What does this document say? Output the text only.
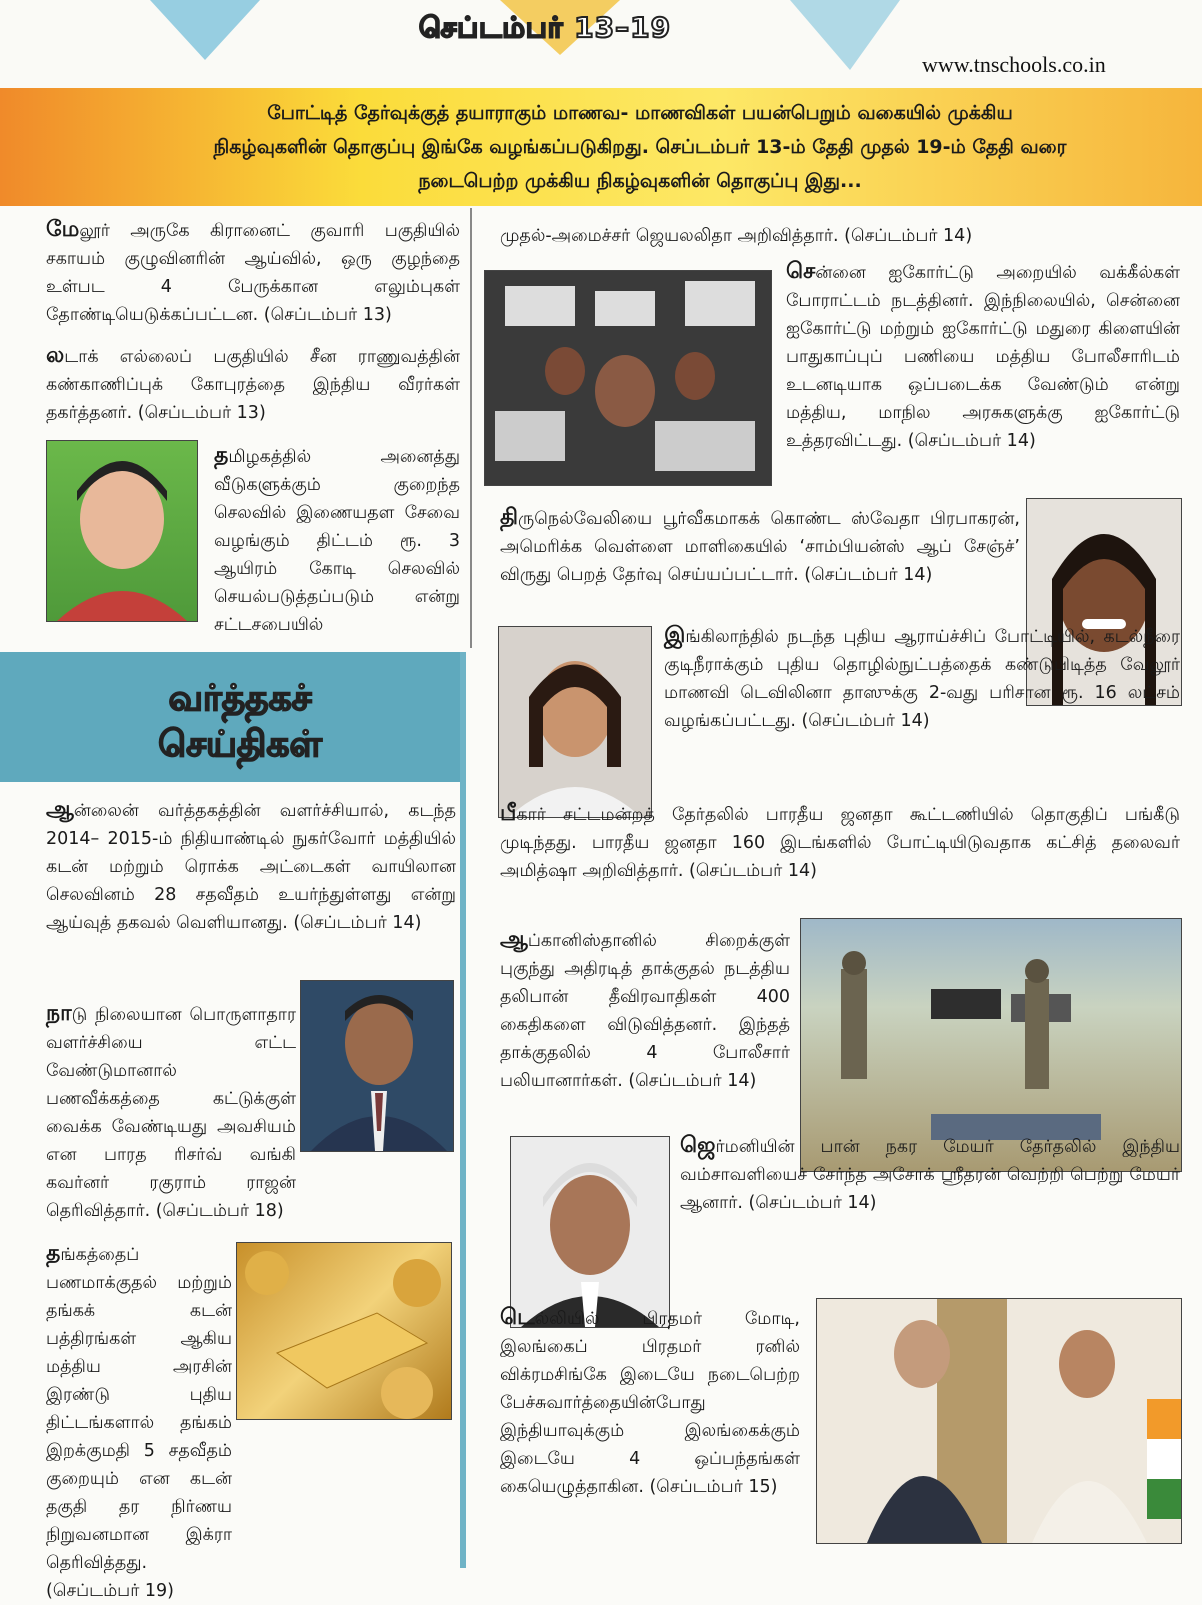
செப்டம்பர் 13–19
www.tnschools.co.in
போட்டித் தேர்வுக்குத் தயாராகும் மாணவ- மாணவிகள் பயன்பெறும் வகையில் முக்கிய
நிகழ்வுகளின் தொகுப்பு இங்கே வழங்கப்படுகிறது. செப்டம்பர் 13-ம் தேதி முதல் 19-ம் தேதி வரை
நடைபெற்ற முக்கிய நிகழ்வுகளின் தொகுப்பு இது...

மேலூர் அருகே கிரானைட் குவாரி பகுதியில் சகாயம் குழுவினரின் ஆய்வில், ஒரு குழந்தை உள்பட 4 பேருக்கான எலும்புகள் தோண்டியெடுக்கப்பட்டன. (செப்டம்பர் 13)

லடாக் எல்லைப் பகுதியில் சீன ராணுவத்தின் கண்காணிப்புக் கோபுரத்தை இந்திய வீரர்கள் தகர்த்தனர். (செப்டம்பர் 13)

தமிழகத்தில் அனைத்து வீடுகளுக்கும் குறைந்த செலவில் இணையதள சேவை வழங்கும் திட்டம் ரூ. 3 ஆயிரம் கோடி செலவில் செயல்படுத்தப்படும் என்று சட்டசபையில்

வர்த்தகச்
செய்திகள்

ஆன்லைன் வர்த்தகத்தின் வளர்ச்சியால், கடந்த 2014– 2015-ம் நிதியாண்டில் நுகர்வோர் மத்தியில் கடன் மற்றும் ரொக்க அட்டைகள் வாயிலான செலவினம் 28 சதவீதம் உயர்ந்துள்ளது என்று ஆய்வுத் தகவல் வெளியானது. (செப்டம்பர் 14)

நாடு நிலையான பொருளாதார வளர்ச்சியை எட்ட வேண்டுமானால் பணவீக்கத்தை கட்டுக்குள் வைக்க வேண்டியது அவசியம் என பாரத ரிசர்வ் வங்கி கவர்னர் ரகுராம் ராஜன் தெரிவித்தார். (செப்டம்பர் 18)

தங்கத்தைப் பணமாக்குதல் மற்றும் தங்கக் கடன் பத்திரங்கள் ஆகிய மத்திய அரசின் இரண்டு புதிய திட்டங்களால் தங்கம் இறக்குமதி 5 சதவீதம் குறையும் என கடன் தகுதி தர நிர்ணய நிறுவனமான இக்ரா தெரிவித்தது. (செப்டம்பர் 19)

முதல்-அமைச்சர் ஜெயலலிதா அறிவித்தார். (செப்டம்பர் 14)

சென்னை ஐகோர்ட்டு அறையில் வக்கீல்கள் போராட்டம் நடத்தினர். இந்நிலையில், சென்னை ஐகோர்ட்டு மற்றும் ஐகோர்ட்டு மதுரை கிளையின் பாதுகாப்புப் பணியை மத்திய போலீசாரிடம் உடனடியாக ஒப்படைக்க வேண்டும் என்று மத்திய, மாநில அரசுகளுக்கு ஐகோர்ட்டு உத்தரவிட்டது. (செப்டம்பர் 14)

திருநெல்வேலியை பூர்வீகமாகக் கொண்ட ஸ்வேதா பிரபாகரன், அமெரிக்க வெள்ளை மாளிகையில் ‘சாம்பியன்ஸ் ஆப் சேஞ்ச்’ விருது பெறத் தேர்வு செய்யப்பட்டார். (செப்டம்பர் 14)

இங்கிலாந்தில் நடந்த புதிய ஆராய்ச்சிப் போட்டியில், கடல்நீரை குடிநீராக்கும் புதிய தொழில்நுட்பத்தைக் கண்டுபிடித்த வேலூர் மாணவி டெவிலினா தாஸுக்கு 2-வது பரிசான ரூ. 16 லட்சம் வழங்கப்பட்டது. (செப்டம்பர் 14)

பீகார் சட்டமன்றத் தேர்தலில் பாரதீய ஜனதா கூட்டணியில் தொகுதிப் பங்கீடு முடிந்தது. பாரதீய ஜனதா 160 இடங்களில் போட்டியிடுவதாக கட்சித் தலைவர் அமித்ஷா அறிவித்தார். (செப்டம்பர் 14)

ஆப்கானிஸ்தானில் சிறைக்குள் புகுந்து அதிரடித் தாக்குதல் நடத்திய தலிபான் தீவிரவாதிகள் 400 கைதிகளை விடுவித்தனர். இந்தத் தாக்குதலில் 4 போலீசார் பலியானார்கள். (செப்டம்பர் 14)

ஜெர்மனியின் பான் நகர மேயர் தேர்தலில் இந்திய வம்சாவளியைச் சேர்ந்த அசோக் ஸ்ரீதரன் வெற்றி பெற்று மேயர் ஆனார். (செப்டம்பர் 14)

டெல்லியில் பிரதமர் மோடி, இலங்கைப் பிரதமர் ரனில் விக்ரமசிங்கே இடையே நடைபெற்ற பேச்சுவார்த்தையின்போது இந்தியாவுக்கும் இலங்கைக்கும் இடையே 4 ஒப்பந்தங்கள் கையெழுத்தாகின. (செப்டம்பர் 15)
